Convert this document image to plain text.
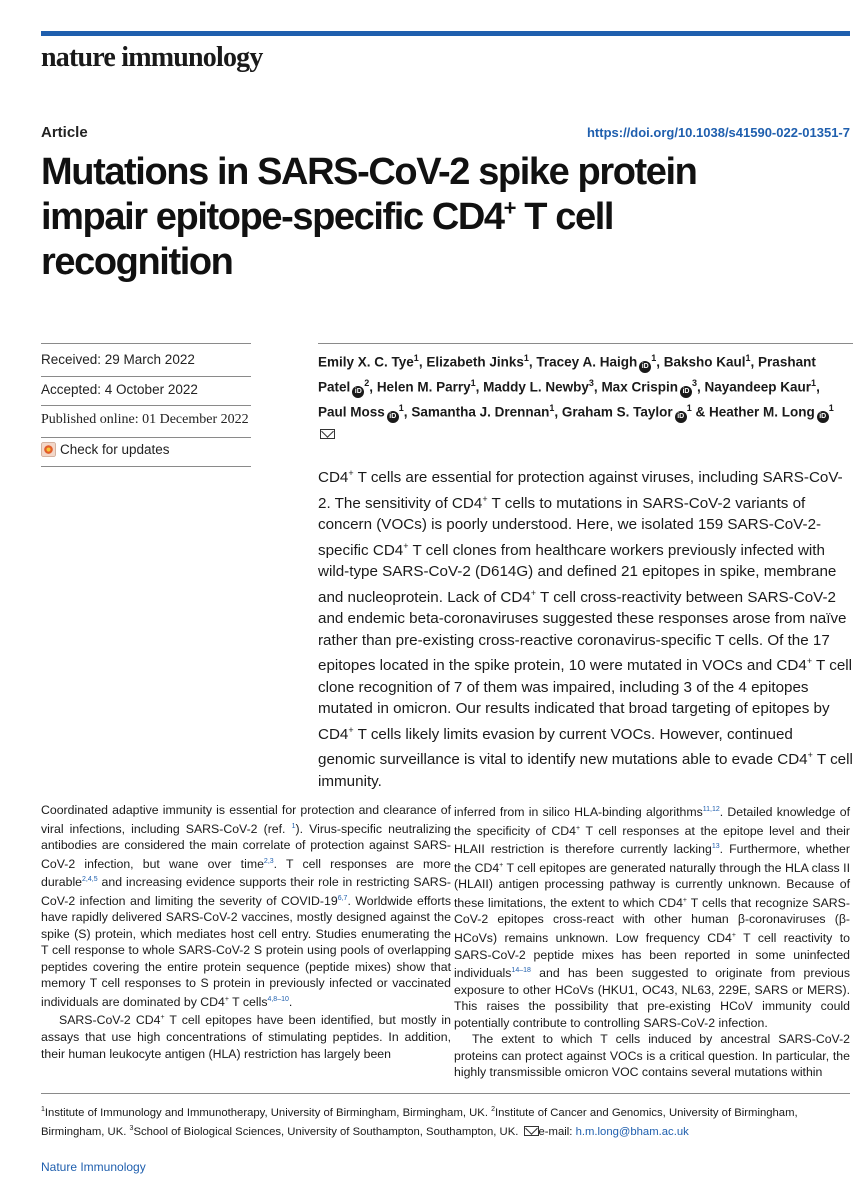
nature immunology
Article	https://doi.org/10.1038/s41590-022-01351-7
Mutations in SARS-CoV-2 spike protein
impair epitope-specific CD4+ T cell
recognition
Received: 29 March 2022
Accepted: 4 October 2022
Published online: 01 December 2022
Check for updates
Emily X. C. Tye$^1$, Elizabeth Jinks$^1$, Tracey A. Haigh $iD^1$, Baksho Kaul$^1$, Prashant Patel $iD^2$, Helen M. Parry$^1$, Maddy L. Newby$^3$, Max Crispin $iD^3$, Nayandeep Kaur$^1$, Paul Moss $iD^1$, Samantha J. Drennan$^1$, Graham S. Taylor $iD^1$ & Heather M. Long $iD^1$

CD4+ T cells are essential for protection against viruses, including SARS-CoV-2. The sensitivity of CD4+ T cells to mutations in SARS-CoV-2 variants of concern (VOCs) is poorly understood. Here, we isolated 159 SARS-CoV-2-specific CD4+ T cell clones from healthcare workers previously infected with wild-type SARS-CoV-2 (D614G) and defined 21 epitopes in spike, membrane and nucleoprotein. Lack of CD4+ T cell cross-reactivity between SARS-CoV-2 and endemic beta-coronaviruses suggested these responses arose from naïve rather than pre-existing cross-reactive coronavirus-specific T cells. Of the 17 epitopes located in the spike protein, 10 were mutated in VOCs and CD4+ T cell clone recognition of 7 of them was impaired, including 3 of the 4 epitopes mutated in omicron. Our results indicated that broad targeting of epitopes by CD4+ T cells likely limits evasion by current VOCs. However, continued genomic surveillance is vital to identify new mutations able to evade CD4+ T cell immunity.

Coordinated adaptive immunity is essential for protection and clearance of viral infections, including SARS-CoV-2 (ref. $^1$). Virus-specific neutralizing antibodies are considered the main correlate of protection against SARS-CoV-2 infection, but wane over time$^{2,3}$. T cell responses are more durable$^{2,4,5}$ and increasing evidence supports their role in restricting SARS-CoV-2 infection and limiting the severity of COVID-19$^{6,7}$. Worldwide efforts have rapidly delivered SARS-CoV-2 vaccines, mostly designed against the spike (S) protein, which mediates host cell entry. Studies enumerating the T cell response to whole SARS-CoV-2 S protein using pools of overlapping peptides covering the entire protein sequence (peptide mixes) show that memory T cell responses to S protein in previously infected or vaccinated individuals are dominated by CD4+ T cells$^{4,8-10}$.

SARS-CoV-2 CD4+ T cell epitopes have been identified, but mostly in assays that use high concentrations of stimulating peptides. In addition, their human leukocyte antigen (HLA) restriction has largely been

inferred from in silico HLA-binding algorithms$^{11,12}$. Detailed knowledge of the specificity of CD4+ T cell responses at the epitope level and their HLAII restriction is therefore currently lacking$^{13}$. Furthermore, whether the CD4+ T cell epitopes are generated naturally through the HLA class II (HLAII) antigen processing pathway is currently unknown. Because of these limitations, the extent to which CD4+ T cells that recognize SARS-CoV-2 epitopes cross-react with other human β-coronaviruses (β-HCoVs) remains unknown. Low frequency CD4+ T cell reactivity to SARS-CoV-2 peptide mixes has been reported in some uninfected individuals$^{14-18}$ and has been suggested to originate from previous exposure to other HCoVs (HKU1, OC43, NL63, 229E, SARS or MERS). This raises the possibility that pre-existing HCoV immunity could potentially contribute to controlling SARS-CoV-2 infection.

The extent to which T cells induced by ancestral SARS-CoV-2 proteins can protect against VOCs is a critical question. In particular, the highly transmissible omicron VOC contains several mutations within

$^1$Institute of Immunology and Immunotherapy, University of Birmingham, Birmingham, UK. $^2$Institute of Cancer and Genomics, University of Birmingham, Birmingham, UK. $^3$School of Biological Sciences, University of Southampton, Southampton, UK. e-mail: h.m.long@bham.ac.uk
Nature Immunology
